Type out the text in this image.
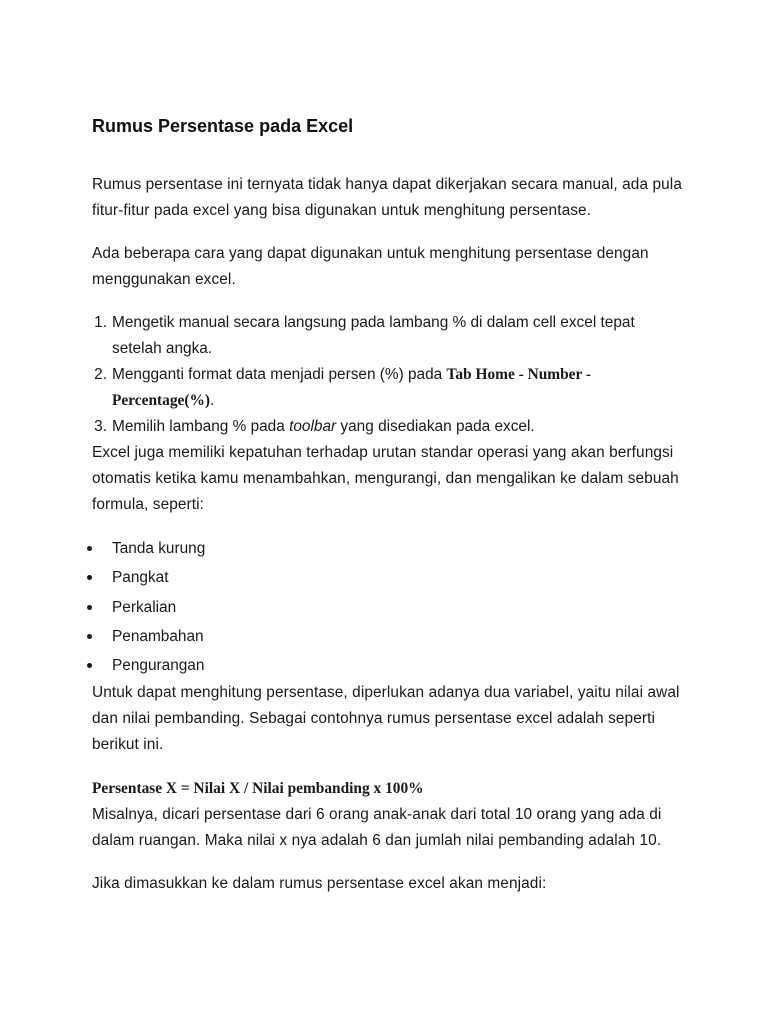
Rumus Persentase pada Excel

Rumus persentase ini ternyata tidak hanya dapat dikerjakan secara manual, ada pula fitur-fitur pada excel yang bisa digunakan untuk menghitung persentase.

Ada beberapa cara yang dapat digunakan untuk menghitung persentase dengan menggunakan excel.

1. Mengetik manual secara langsung pada lambang % di dalam cell excel tepat setelah angka.
2. Mengganti format data menjadi persen (%) pada Tab Home - Number - Percentage(%).
3. Memilih lambang % pada toolbar yang disediakan pada excel.

Excel juga memiliki kepatuhan terhadap urutan standar operasi yang akan berfungsi otomatis ketika kamu menambahkan, mengurangi, dan mengalikan ke dalam sebuah formula, seperti:

Tanda kurung
Pangkat
Perkalian
Penambahan
Pengurangan

Untuk dapat menghitung persentase, diperlukan adanya dua variabel, yaitu nilai awal dan nilai pembanding. Sebagai contohnya rumus persentase excel adalah seperti berikut ini.

Persentase X = Nilai X / Nilai pembanding x 100%

Misalnya, dicari persentase dari 6 orang anak-anak dari total 10 orang yang ada di dalam ruangan. Maka nilai x nya adalah 6 dan jumlah nilai pembanding adalah 10.

Jika dimasukkan ke dalam rumus persentase excel akan menjadi:
